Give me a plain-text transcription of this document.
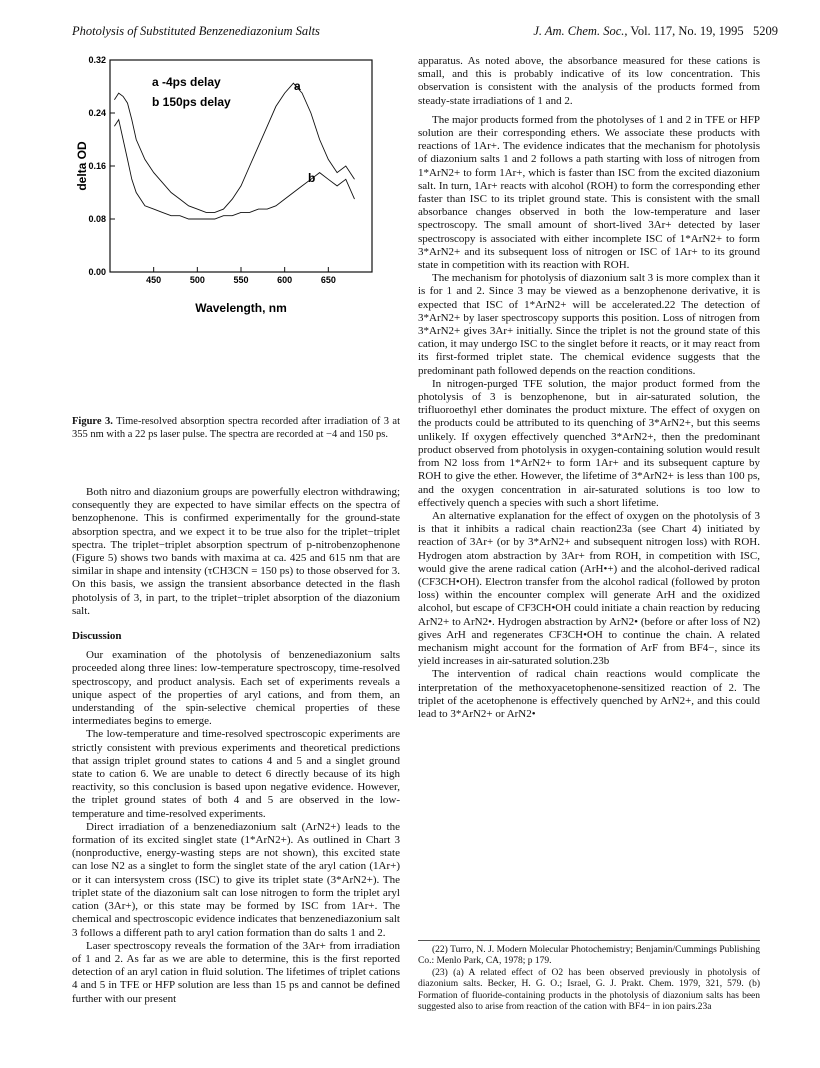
Photolysis of Substituted Benzenediazonium Salts	J. Am. Chem. Soc., Vol. 117, No. 19, 1995 5209
0.00
0.08
0.16
0.24
0.32
450	500	550	600	650
a -4ps delay
b 150ps delay
a
b
Wavelength, nm
delta OD
Figure 3. Time-resolved absorption spectra recorded after irradiation of 3 at 355 nm with a 22 ps laser pulse. The spectra are recorded at −4 and 150 ps.

Both nitro and diazonium groups are powerfully electron withdrawing; consequently they are expected to have similar effects on the spectra of benzophenone. This is confirmed experimentally for the ground-state absorption spectra, and we expect it to be true also for the triplet−triplet spectra. The triplet−triplet absorption spectrum of p-nitrobenzophenone (Figure 5) shows two bands with maxima at ca. 425 and 615 nm that are similar in shape and intensity (τCH3CN = 150 ps) to those observed for 3. On this basis, we assign the transient absorbance detected in the flash photolysis of 3, in part, to the triplet−triplet absorption of the diazonium salt.

Discussion

Our examination of the photolysis of benzenediazonium salts proceeded along three lines: low-temperature spectroscopy, time-resolved spectroscopy, and product analysis. Each set of experiments reveals a unique aspect of the properties of aryl cations, and from them, an understanding of the spin-selective chemical properties of these intermediates begins to emerge.

The low-temperature and time-resolved spectroscopic experiments are strictly consistent with previous experiments and theoretical predictions that assign triplet ground states to cations 4 and 5 and a singlet ground state to cation 6. We are unable to detect 6 directly because of its high reactivity, so this conclusion is based upon negative evidence. However, the triplet ground states of both 4 and 5 are observed in the low-temperature and time-resolved experiments.

Direct irradiation of a benzenediazonium salt (ArN2+) leads to the formation of its excited singlet state (1*ArN2+). As outlined in Chart 3 (nonproductive, energy-wasting steps are not shown), this excited state can lose N2 as a singlet to form the singlet state of the aryl cation (1Ar+) or it can intersystem cross (ISC) to give its triplet state (3*ArN2+). The triplet state of the diazonium salt can lose nitrogen to form the triplet aryl cation (3Ar+), or this state may be formed by ISC from 1Ar+. The chemical and spectroscopic evidence indicates that benzenediazonium salt 3 follows a different path to aryl cation formation than do salts 1 and 2.

Laser spectroscopy reveals the formation of the 3Ar+ from irradiation of 1 and 2. As far as we are able to determine, this is the first reported detection of an aryl cation in fluid solution. The lifetimes of triplet cations 4 and 5 in TFE or HFP solution are less than 15 ps and cannot be defined further with our present

apparatus. As noted above, the absorbance measured for these cations is small, and this is probably indicative of its low concentration. This observation is consistent with the analysis of the products formed from steady-state irradiations of 1 and 2.

The major products formed from the photolyses of 1 and 2 in TFE or HFP solution are their corresponding ethers. We associate these products with reactions of 1Ar+. The evidence indicates that the mechanism for photolysis of diazonium salts 1 and 2 follows a path starting with loss of nitrogen from 1*ArN2+ to form 1Ar+, which is faster than ISC from the excited diazonium salt. In turn, 1Ar+ reacts with alcohol (ROH) to form the corresponding ether faster than ISC to its triplet ground state. This is consistent with the small absorbance changes observed in both the low-temperature and laser spectroscopy. The small amount of short-lived 3Ar+ detected by laser spectroscopy is associated with either incomplete ISC of 1*ArN2+ to form 3*ArN2+ and its subsequent loss of nitrogen or ISC of 1Ar+ to its ground state in competition with its reaction with ROH.

The mechanism for photolysis of diazonium salt 3 is more complex than it is for 1 and 2. Since 3 may be viewed as a benzophenone derivative, it is expected that ISC of 1*ArN2+ will be accelerated.22 The detection of 3*ArN2+ by laser spectroscopy supports this position. Loss of nitrogen from 3*ArN2+ gives 3Ar+ initially. Since the triplet is not the ground state of this cation, it may undergo ISC to the singlet before it reacts, or it may react from its first-formed triplet state. The chemical evidence suggests that the predominant path followed depends on the reaction conditions.

In nitrogen-purged TFE solution, the major product formed from the photolysis of 3 is benzophenone, but in air-saturated solution, the trifluoroethyl ether dominates the product mixture. The effect of oxygen on the products could be attributed to its quenching of 3*ArN2+, but this seems unlikely. If oxygen effectively quenched 3*ArN2+, then the predominant product observed from photolysis in oxygen-containing solution would result from N2 loss from 1*ArN2+ to form 1Ar+ and its subsequent capture by ROH to give the ether. However, the lifetime of 3*ArN2+ is less than 100 ps, and the oxygen concentration in air-saturated solutions is too low to effectively quench a species with such a short lifetime.

An alternative explanation for the effect of oxygen on the photolysis of 3 is that it inhibits a radical chain reaction23a (see Chart 4) initiated by reaction of 3Ar+ (or by 3*ArN2+ and subsequent nitrogen loss) with ROH. Hydrogen atom abstraction by 3Ar+ from ROH, in competition with ISC, would give the arene radical cation (ArH•+) and the alcohol-derived radical (CF3CH•OH). Electron transfer from the alcohol radical (followed by proton loss) within the encounter complex will generate ArH and the oxidized alcohol, but escape of CF3CH•OH could initiate a chain reaction by reducing ArN2+ to ArN2•. Hydrogen abstraction by ArN2• (before or after loss of N2) gives ArH and regenerates CF3CH•OH to continue the chain. A related mechanism might account for the formation of ArF from BF4−, since its yield increases in air-saturated solution.23b

The intervention of radical chain reactions would complicate the interpretation of the methoxyacetophenone-sensitized reaction of 2. The triplet of the acetophenone is effectively quenched by ArN2+, and this could lead to 3*ArN2+ or ArN2•

(22) Turro, N. J. Modern Molecular Photochemistry; Benjamin/Cummings Publishing Co.: Menlo Park, CA, 1978; p 179.

(23) (a) A related effect of O2 has been observed previously in photolysis of diazonium salts. Becker, H. G. O.; Israel, G. J. Prakt. Chem. 1979, 321, 579. (b) Formation of fluoride-containing products in the photolysis of diazonium salts has been suggested also to arise from reaction of the cation with BF4− in ion pairs.23a
